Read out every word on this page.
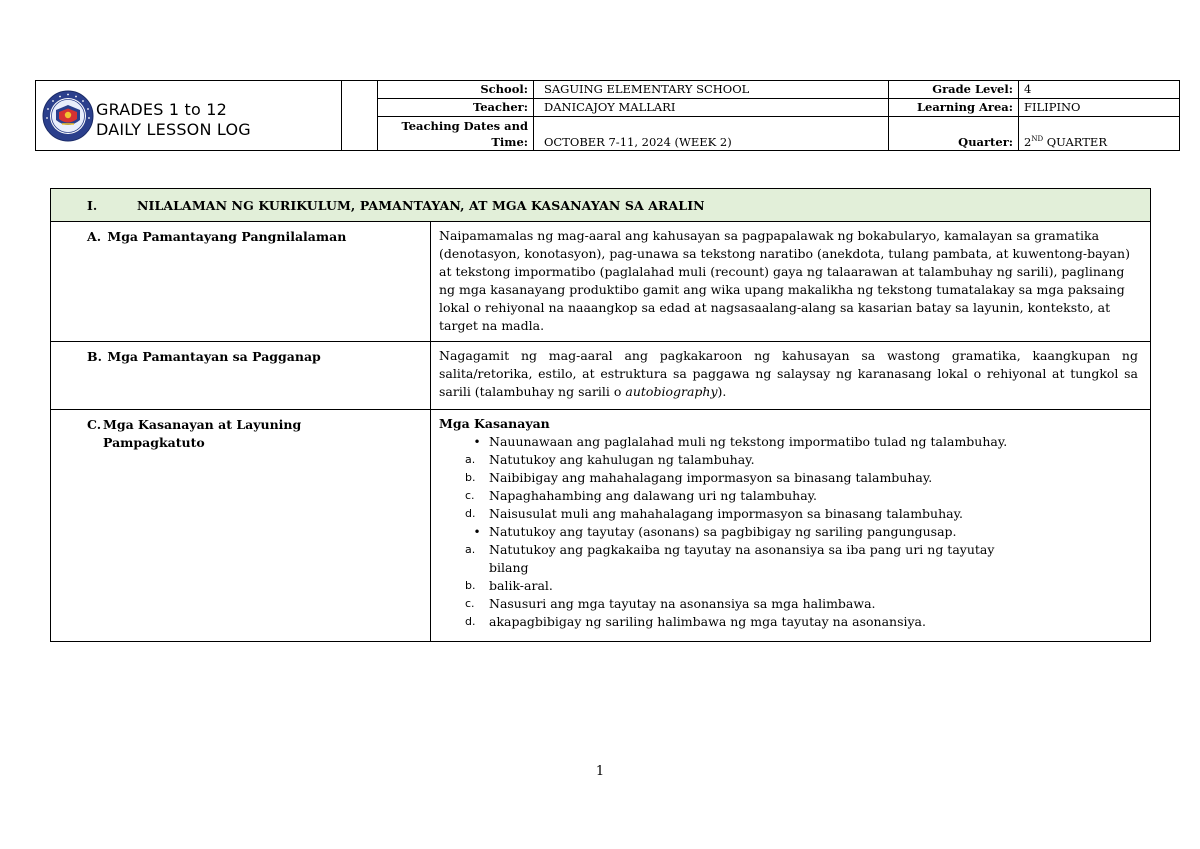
GRADES 1 to 12
DAILY LESSON LOG
School:	SAGUING ELEMENTARY SCHOOL	Grade Level: 4
Teacher:	DANICAJOY MALLARI	Learning Area: FILIPINO
Teaching Dates and
Time: OCTOBER 7-11, 2024 (WEEK 2)	Quarter: 2ND QUARTER
I.	NILALAMAN NG KURIKULUM, PAMANTAYAN, AT MGA KASANAYAN SA ARALIN
A. Mga Pamantayang Pangnilalaman	Naipamamalas ng mag-aaral ang kahusayan sa pagpapalawak ng bokabularyo, kamalayan sa gramatika (denotasyon, konotasyon), pag-unawa sa tekstong naratibo (anekdota, tulang pambata, at kuwentong-bayan) at tekstong impormatibo (paglalahad muli (recount) gaya ng talaarawan at talambuhay ng sarili), paglinang ng mga kasanayang produktibo gamit ang wika upang makalikha ng tekstong tumatalakay sa mga paksaing lokal o rehiyonal na naaangkop sa edad at nagsasaalang-alang sa kasarian batay sa layunin, konteksto, at target na madla.
B. Mga Pamantayan sa Pagganap	Nagagamit ng mag-aaral ang pagkakaroon ng kahusayan sa wastong gramatika, kaangkupan ng salita/retorika, estilo, at estruktura sa paggawa ng salaysay ng karanasang lokal o rehiyonal at tungkol sa sarili (talambuhay ng sarili o autobiography).
C. Mga Kasanayan at Layuning
Pampagkatuto
Mga Kasanayan
• Nauunawaan ang paglalahad muli ng tekstong impormatibo tulad ng talambuhay.
a.	Natutukoy ang kahulugan ng talambuhay.
b.	Naibibigay ang mahahalagang impormasyon sa binasang talambuhay.
c.	Napaghahambing ang dalawang uri ng talambuhay.
d.	Naisusulat muli ang mahahalagang impormasyon sa binasang talambuhay.
• Natutukoy ang tayutay (asonans) sa pagbibigay ng sariling pangungusap.
a.	Natutukoy ang pagkakaiba ng tayutay na asonansiya sa iba pang uri ng tayutay
bilang
b.	balik-aral.
c.	Nasusuri ang mga tayutay na asonansiya sa mga halimbawa.
d.	akapagbibigay ng sariling halimbawa ng mga tayutay na asonansiya.
1
